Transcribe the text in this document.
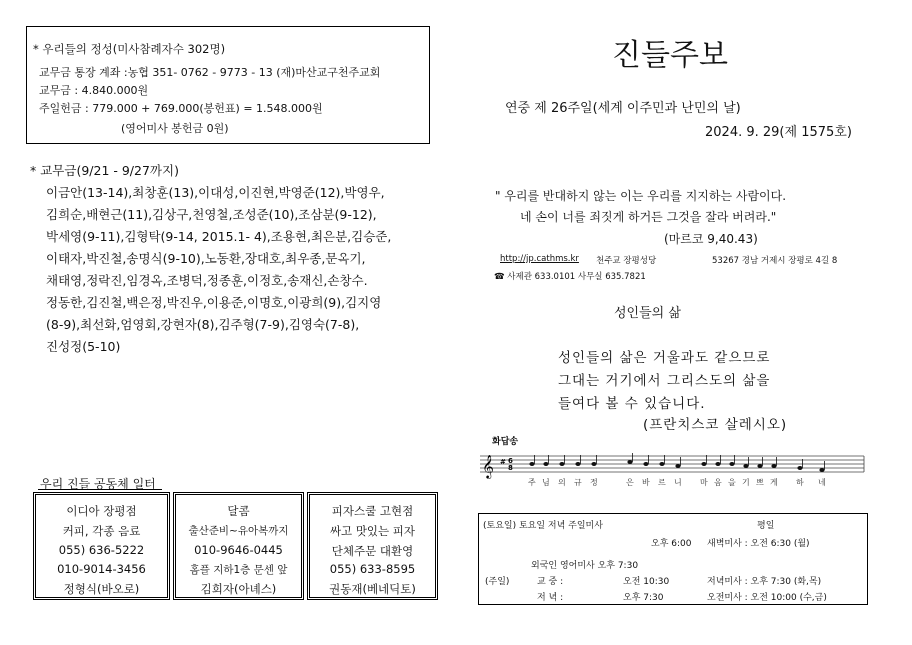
* 우리들의 정성(미사참례자수 302명)
교무금 통장 계좌 :농협 351- 0762 - 9773 - 13 (재)마산교구천주교회
교무금 : 4.840.000원
주일헌금 : 779.000 + 769.000(봉헌표) = 1.548.000원
(영어미사 봉헌금 0원)
진들주보
연중 제 26주일(세계 이주민과 난민의 날)
2024. 9. 29(제 1575호)
" 우리를 반대하지 않는 이는 우리를 지지하는 사람이다.
네 손이 너를 죄짓게 하거든 그것을 잘라 버려라."
(마르코 9,40.43)
http://jp.cathms.kr 천주교 장평성당	53267 경남 거제시 장평로 4길 8
☎ 사제관 633.0101 사무실 635.7821
성인들의 삶
성인들의 삶은 거울과도 같으므로
그대는 거기에서 그리스도의 삶을
들여다 볼 수 있습니다.
(프란치스코 살레시오)
화답송
𝄞 # 6
8
주 님 의 규 정	은 바 르 니 마 음 을 기 쁘 게 하 네
* 교무금(9/21 - 9/27까지)
이금안(13-14),최창훈(13),이대성,이진현,박영준(12),박영우,
김희순,배현근(11),김상구,천영철,조성준(10),조삼분(9-12),
박세영(9-11),김형탁(9-14, 2015.1- 4),조용현,최은분,김승준,
이태자,박진철,송명식(9-10),노동환,장대호,최우종,문옥기,
채태영,정락진,임경옥,조병덕,정종훈,이정호,송재신,손창수.
정동한,김진철,백은정,박진우,이용준,이명호,이광희(9),김지영
(8-9),최선화,엄영회,강현자(8),김주형(7-9),김영숙(7-8),
진성정(5-10)
우리 진들 공동체 일터
이디아 장평점
커피, 각종 음료
055) 636-5222
010-9014-3456
정형식(바오로)
달콤
출산준비~유아복까지
010-9646-0445
홈플 지하1층 문센 앞
김희자(아녜스)
피자스쿨 고현점
싸고 맛있는 피자
단체주문 대환영
055) 633-8595
권동재(베네딕토)
(토요일) 토요일 저녁 주일미사	평일
오후 6:00 새벽미사 : 오전 6:30 (월)
외국인 영어미사 오후 7:30
(주일)	교 중 :	오전 10:30	저녁미사 : 오후 7:30 (화,목)
저 녁 :	오후 7:30	오전미사 : 오전 10:00 (수,금)
